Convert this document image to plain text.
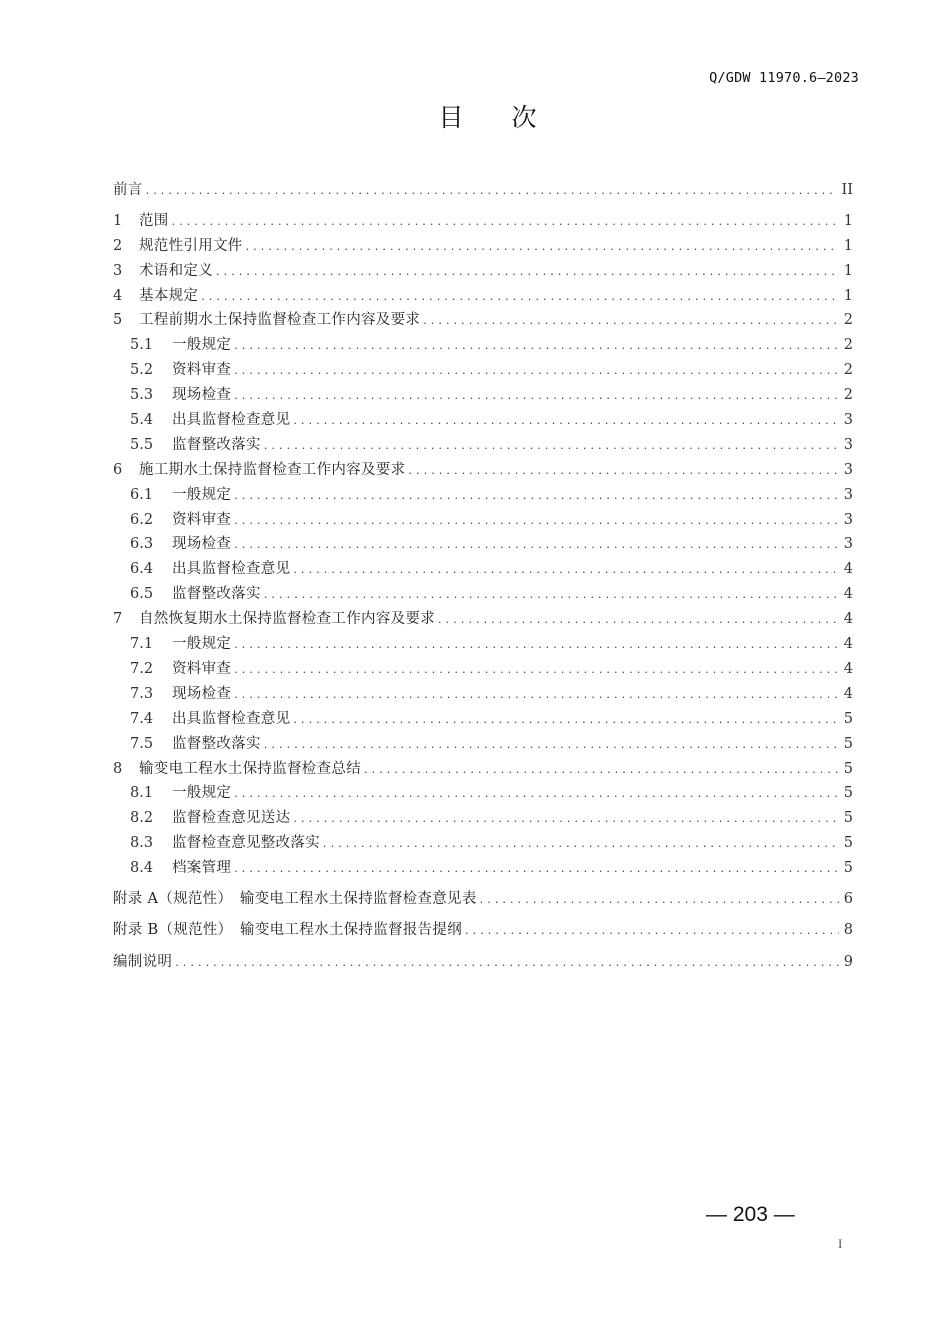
Q/GDW 11970.6—2023
目 次
前言 .....	II
1	范围 .....	1
2	规范性引用文件 .....	1
3	术语和定义 .....	1
4	基本规定 .....	1
5	工程前期水土保持监督检查工作内容及要求 .....	2
5.1	一般规定 .....	2
5.2	资料审查 .....	2
5.3	现场检查 .....	2
5.4	出具监督检查意见 .....	3
5.5	监督整改落实 .....	3
6	施工期水土保持监督检查工作内容及要求 .....	3
6.1	一般规定 .....	3
6.2	资料审查 .....	3
6.3	现场检查 .....	3
6.4	出具监督检查意见 .....	4
6.5	监督整改落实 .....	4
7	自然恢复期水土保持监督检查工作内容及要求 .....	4
7.1	一般规定 .....	4
7.2	资料审查 .....	4
7.3	现场检查 .....	4
7.4	出具监督检查意见 .....	5
7.5	监督整改落实 .....	5
8	输变电工程水土保持监督检查总结 .....	5
8.1	一般规定 .....	5
8.2	监督检查意见送达 .....	5
8.3	监督检查意见整改落实 .....	5
8.4	档案管理 .....	5
附录 A（规范性）　输变电工程水土保持监督检查意见表 .....	6
附录 B（规范性）　输变电工程水土保持监督报告提纲 .....	8
编制说明 .....	9
— 203 —
I
